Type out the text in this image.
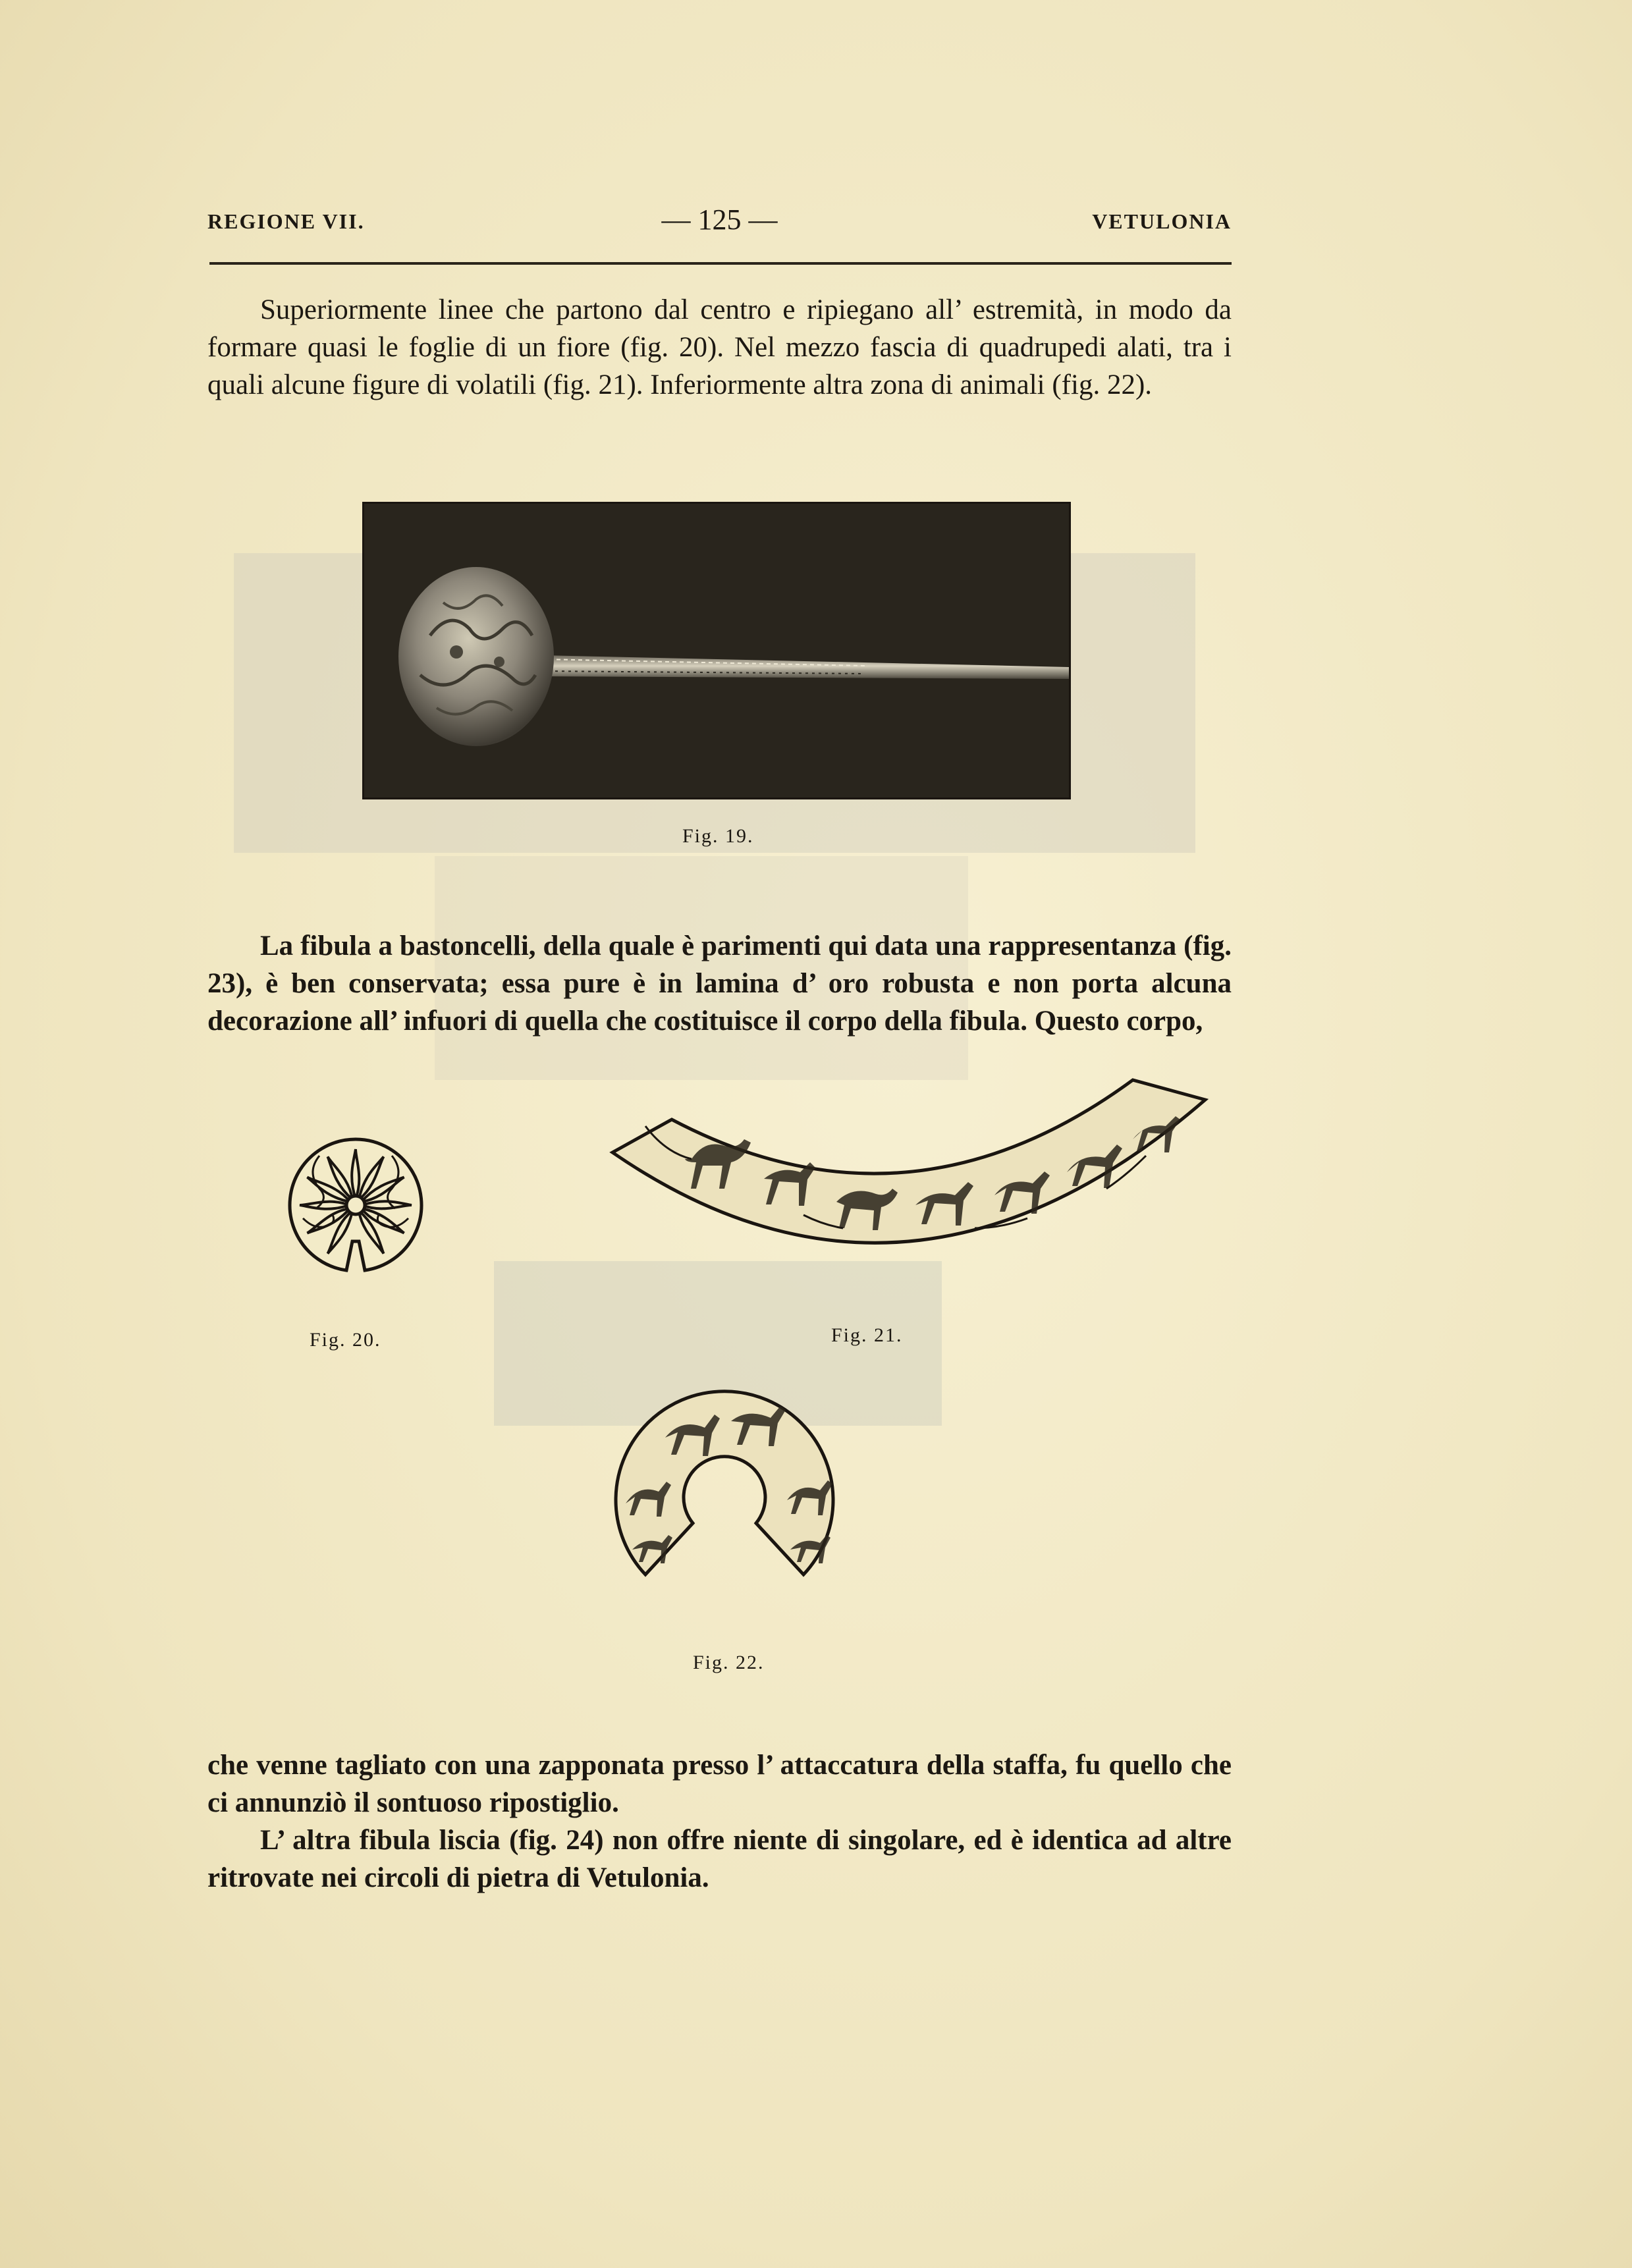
REGIONE VII.	— 125 —	VETULONIA

Superiormente linee che partono dal centro e ripiegano all’ estremità, in modo da formare quasi le foglie di un fiore (fig. 20). Nel mezzo fascia di quadrupedi alati, tra i quali alcune figure di volatili (fig. 21). Inferiormente altra zona di animali (fig. 22).

Fig. 19.

La fibula a bastoncelli, della quale è parimenti qui data una rappresentanza (fig. 23), è ben conservata; essa pure è in lamina d’ oro robusta e non porta alcuna decorazione all’ infuori di quella che costituisce il corpo della fibula. Questo corpo,

Fig. 20.	Fig. 21.
Fig. 22.

che venne tagliato con una zapponata presso l’ attaccatura della staffa, fu quello che ci annunziò il sontuoso ripostiglio.

L’ altra fibula liscia (fig. 24) non offre niente di singolare, ed è identica ad altre ritrovate nei circoli di pietra di Vetulonia.
